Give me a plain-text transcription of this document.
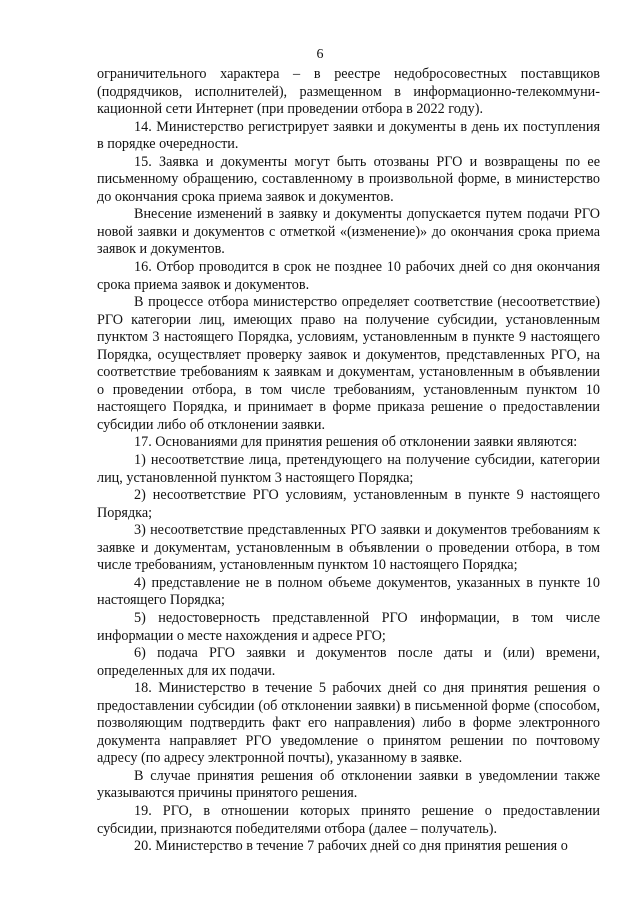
6

ограничительного характера – в реестре недобросовестных поставщиков (подрядчиков, исполнителей), размещенном в информационно-телекоммуникационной сети Интернет (при проведении отбора в 2022 году).

14. Министерство регистрирует заявки и документы в день их поступления в порядке очередности.

15. Заявка и документы могут быть отозваны РГО и возвращены по ее письменному обращению, составленному в произвольной форме, в министерство до окончания срока приема заявок и документов.

Внесение изменений в заявку и документы допускается путем подачи РГО новой заявки и документов с отметкой «(изменение)» до окончания срока приема заявок и документов.

16. Отбор проводится в срок не позднее 10 рабочих дней со дня окончания срока приема заявок и документов.

В процессе отбора министерство определяет соответствие (несоответствие) РГО категории лиц, имеющих право на получение субсидии, установленным пунктом 3 настоящего Порядка, условиям, установленным в пункте 9 настоящего Порядка, осуществляет проверку заявок и документов, представленных РГО, на соответствие требованиям к заявкам и документам, установленным в объявлении о проведении отбора, в том числе требованиям, установленным пунктом 10 настоящего Порядка, и принимает в форме приказа решение о предоставлении субсидии либо об отклонении заявки.

17. Основаниями для принятия решения об отклонении заявки являются:

1) несоответствие лица, претендующего на получение субсидии, категории лиц, установленной пунктом 3 настоящего Порядка;

2) несоответствие РГО условиям, установленным в пункте 9 настоящего Порядка;

3) несоответствие представленных РГО заявки и документов требованиям к заявке и документам, установленным в объявлении о проведении отбора, в том числе требованиям, установленным пунктом 10 настоящего Порядка;

4) представление не в полном объеме документов, указанных в пункте 10 настоящего Порядка;

5) недостоверность представленной РГО информации, в том числе информации о месте нахождения и адресе РГО;

6) подача РГО заявки и документов после даты и (или) времени, определенных для их подачи.

18. Министерство в течение 5 рабочих дней со дня принятия решения о предоставлении субсидии (об отклонении заявки) в письменной форме (способом, позволяющим подтвердить факт его направления) либо в форме электронного документа направляет РГО уведомление о принятом решении по почтовому адресу (по адресу электронной почты), указанному в заявке.

В случае принятия решения об отклонении заявки в уведомлении также указываются причины принятого решения.

19. РГО, в отношении которых принято решение о предоставлении субсидии, признаются победителями отбора (далее – получатель).

20. Министерство в течение 7 рабочих дней со дня принятия решения о
